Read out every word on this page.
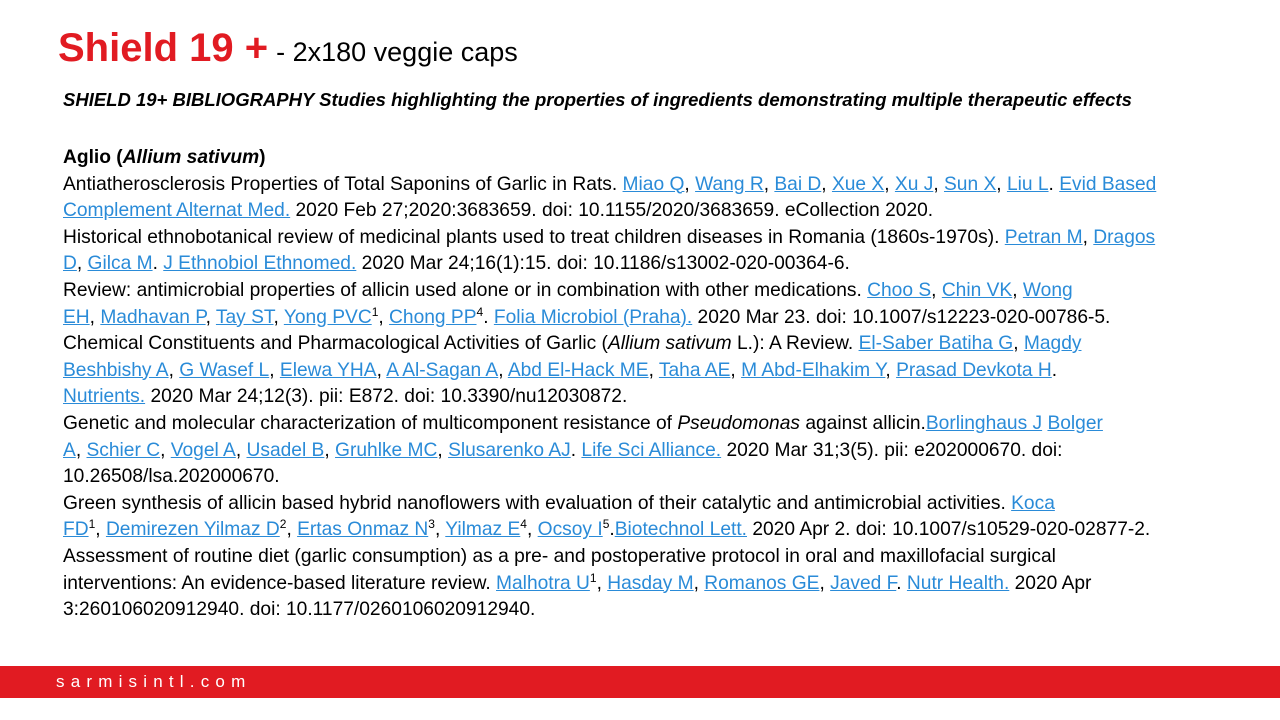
Shield 19 + - 2x180 veggie caps
SHIELD 19+ BIBLIOGRAPHY Studies highlighting the properties of ingredients demonstrating multiple therapeutic effects
Aglio (Allium sativum)
Antiatherosclerosis Properties of Total Saponins of Garlic in Rats. Miao Q, Wang R, Bai D, Xue X, Xu J, Sun X, Liu L. Evid Based
Complement Alternat Med. 2020 Feb 27;2020:3683659. doi: 10.1155/2020/3683659. eCollection 2020.
Historical ethnobotanical review of medicinal plants used to treat children diseases in Romania (1860s-1970s). Petran M, Dragos
D, Gilca M. J Ethnobiol Ethnomed. 2020 Mar 24;16(1):15. doi: 10.1186/s13002-020-00364-6.
Review: antimicrobial properties of allicin used alone or in combination with other medications. Choo S, Chin VK, Wong
EH, Madhavan P, Tay ST, Yong PVC$^1$, Chong $PP^4$. Folia Microbiol (Praha). 2020 Mar 23. doi: 10.1007/s12223-020-00786-5.
Chemical Constituents and Pharmacological Activities of Garlic (Allium sativum L.): A Review. El-Saber Batiha G, Magdy
Beshbishy A, G Wasef L, Elewa YHA, A Al-Sagan A, Abd El-Hack ME, Taha AE, M Abd-Elhakim Y, Prasad Devkota H.
Nutrients. 2020 Mar 24;12(3). pii: E872. doi: 10.3390/nu12030872.
Genetic and molecular characterization of multicomponent resistance of Pseudomonas against allicin.Borlinghaus J Bolger
A, Schier C, Vogel A, Usadel B, Gruhlke MC, Slusarenko AJ. Life Sci Alliance. 2020 Mar 31;3(5). pii: e202000670. doi:
10.26508/lsa.202000670.
Green synthesis of allicin based hybrid nanoflowers with evaluation of their catalytic and antimicrobial activities. Koca
$FD^1$, Demirezen Yilmaz $D^2$, Ertas Onmaz $N^3$, Yilmaz $E^4$, Ocsoy $I^5.Biotechnol$ Lett. 2020 Apr 2. doi: 10.1007/s10529-020-02877-2.
Assessment of routine diet (garlic consumption) as a pre- and postoperative protocol in oral and maxillofacial surgical
interventions: An evidence-based literature review. Malhotra $U^1$, Hasday M, Romanos GE, Javed F. Nutr Health. 2020 Apr
3:260106020912940. doi: 10.1177/0260106020912940.
sarmisintl.com
